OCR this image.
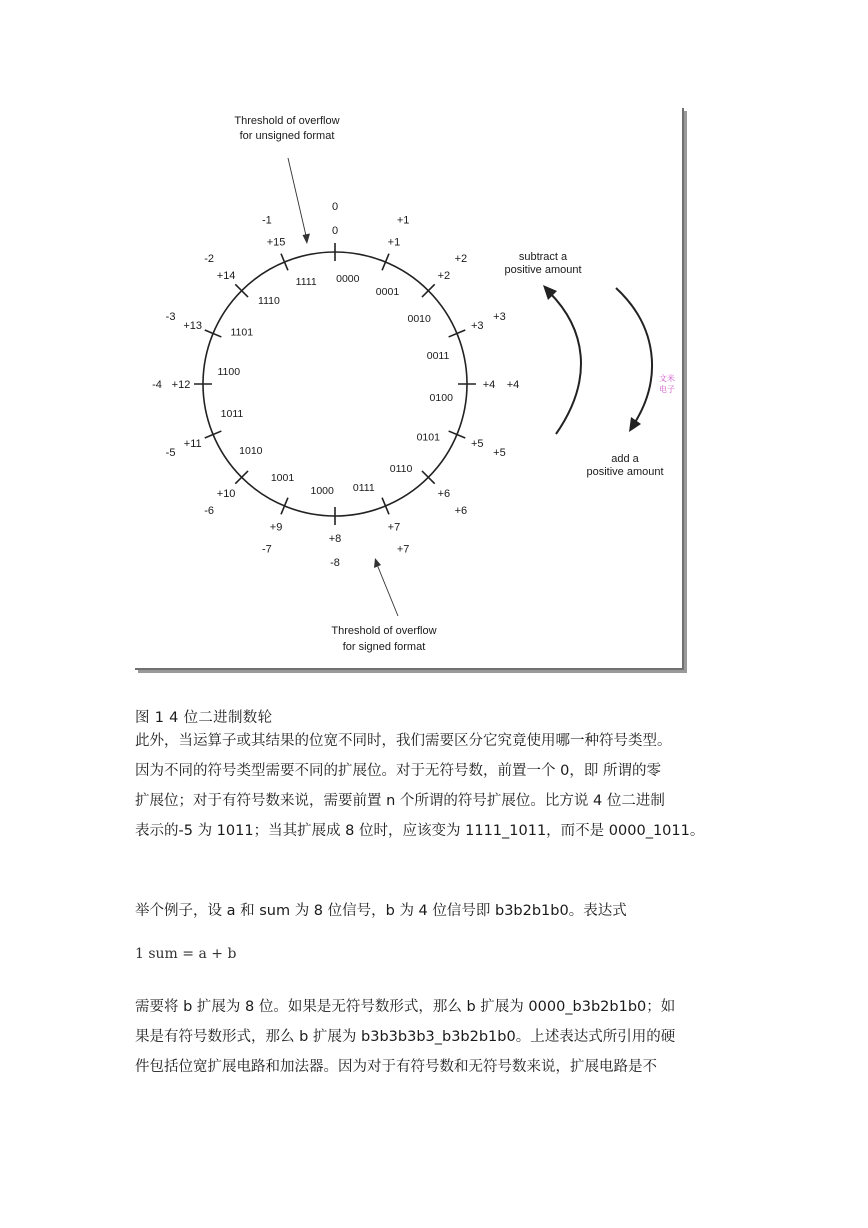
0000
0
0
0001
+1
+1
0010
+2
+2
0011
+3
+3
0100
+4 +4
0101
+5
+5
0110
+6
+6
0111
+7
+7
1000
+8
-8
1001
+9
-7
1010
+10
-6
1011
+11
-5
1100
+12
-4
1101
+13
-3
1110
+14
-2
1111
+15
-1
Threshold of overflow
for unsigned format
Threshold of overflow
for signed format
subtract a
positive amount
add a
positive amount
文米
电子
图 1 4 位二进制数轮

此外，当运算子或其结果的位宽不同时，我们需要区分它究竟使用哪一种符号类型。
因为不同的符号类型需要不同的扩展位。对于无符号数，前置一个 0，即 所谓的零
扩展位；对于有符号数来说，需要前置 n 个所谓的符号扩展位。比方说 4 位二进制
表示的-5 为 1011；当其扩展成 8 位时，应该变为 1111_1011，而不是 0000_1011。

举个例子，设 a 和 sum 为 8 位信号，b 为 4 位信号即 b3b2b1b0。表达式

1 sum = a + b

需要将 b 扩展为 8 位。如果是无符号数形式，那么 b 扩展为 0000_b3b2b1b0；如
果是有符号数形式，那么 b 扩展为 b3b3b3b3_b3b2b1b0。上述表达式所引用的硬
件包括位宽扩展电路和加法器。因为对于有符号数和无符号数来说，扩展电路是不
